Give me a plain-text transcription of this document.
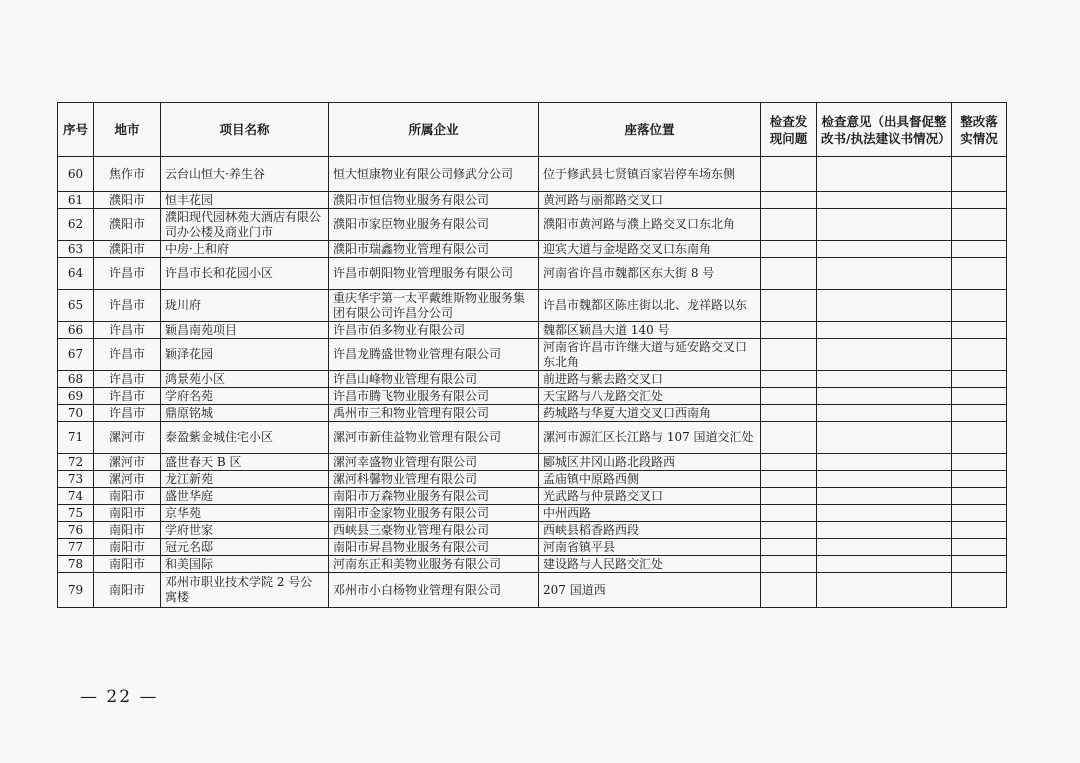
序号	地市	项目名称	所属企业	座落位置	检查发现问题	检查意见（出具督促整改书/执法建议书情况）	整改落实情况
60	焦作市	云台山恒大·养生谷	恒大恒康物业有限公司修武分公司	位于修武县七贤镇百家岩停车场东侧			
61	濮阳市	恒丰花园	濮阳市恒信物业服务有限公司	黄河路与丽都路交叉口			
62	濮阳市	濮阳现代园林苑大酒店有限公司办公楼及商业门市	濮阳市家臣物业服务有限公司	濮阳市黄河路与濮上路交叉口东北角			
63	濮阳市	中房·上和府	濮阳市瑞鑫物业管理有限公司	迎宾大道与金堤路交叉口东南角			
64	许昌市	许昌市长和花园小区	许昌市朝阳物业管理服务有限公司	河南省许昌市魏都区东大街 8 号			
65	许昌市	珑川府	重庆华宇第一太平戴维斯物业服务集团有限公司许昌分公司	许昌市魏都区陈庄街以北、龙祥路以东			
66	许昌市	颖昌南苑项目	许昌市佰多物业有限公司	魏都区颖昌大道 140 号			
67	许昌市	颖泽花园	许昌龙腾盛世物业管理有限公司	河南省许昌市许继大道与延安路交叉口东北角			
68	许昌市	鸿景苑小区	许昌山峰物业管理有限公司	前进路与紫去路交叉口			
69	许昌市	学府名苑	许昌市腾飞物业服务有限公司	天宝路与八龙路交汇处			
70	许昌市	鼎原铭城	禹州市三和物业管理有限公司	药城路与华夏大道交叉口西南角			
71	漯河市	泰盈紫金城住宅小区	漯河市新佳益物业管理有限公司	漯河市源汇区长江路与 107 国道交汇处			
72	漯河市	盛世春天 B 区	漯河幸盛物业管理有限公司	郾城区井冈山路北段路西			
73	漯河市	龙江新苑	漯河科馨物业管理有限公司	孟庙镇中原路西侧			
74	南阳市	盛世华庭	南阳市万森物业服务有限公司	光武路与仲景路交叉口			
75	南阳市	京华苑	南阳市金家物业服务有限公司	中州西路			
76	南阳市	学府世家	西峡县三豪物业管理有限公司	西峡县稻香路西段			
77	南阳市	冠元名邸	南阳市昇昌物业服务有限公司	河南省镇平县			
78	南阳市	和美国际	河南东正和美物业服务有限公司	建设路与人民路交汇处			
79	南阳市	邓州市职业技术学院 2 号公寓楼	邓州市小白杨物业管理有限公司	207 国道西			
— 22 —
